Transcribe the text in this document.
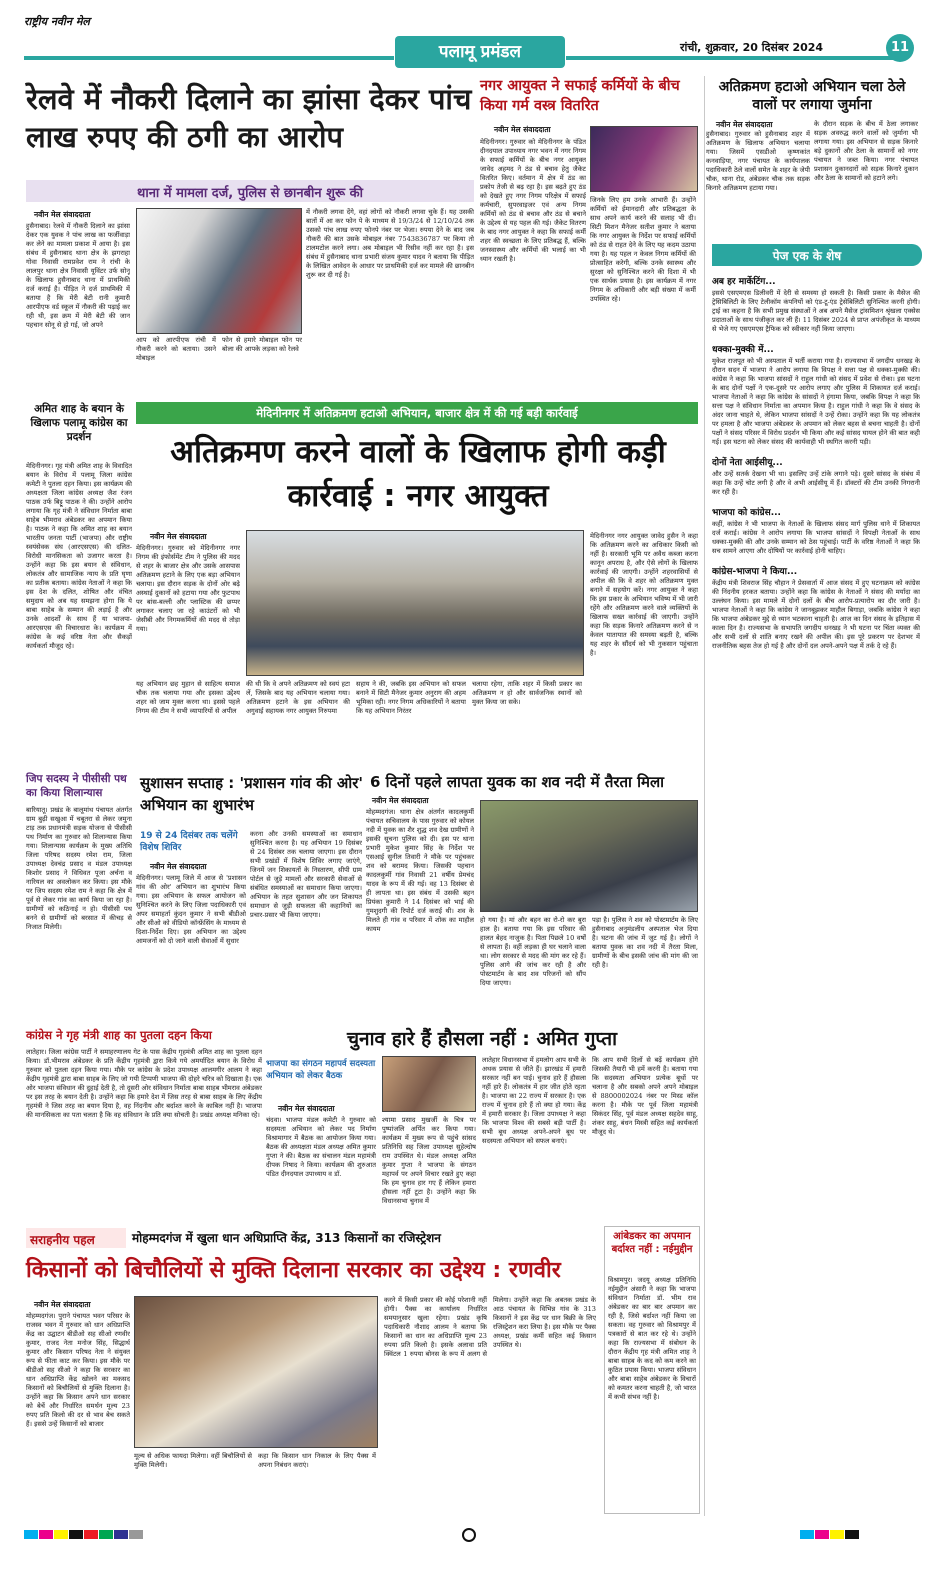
राष्ट्रीय नवीन मेल
पलामू प्रमंडल	रांची, शुक्रवार, 20 दिसंबर 2024	11
रेलवे में नौकरी दिलाने का झांसा देकर पांच लाख रुपए की ठगी का आरोप
थाना में मामला दर्ज, पुलिस से छानबीन शुरू की
नवीन मेल संवाददाता
हुसैनाबाद। रेलवे में नौकरी दिलाने का झांसा देकर एक युवक ने पांच लाख का फर्जीवाड़ा कर लेने का मामला प्रकाश में आया है। इस संबंध में हुसैनाबाद थाना क्षेत्र के झगराहा गोवा निवासी रामप्रवेश राम ने रांची के लालपुर थाना क्षेत्र निवासी यूविंटर उर्फ सोनू के खिलाफ हुसैनाबाद थाना में प्राथमिकी दर्ज कराई है। पीड़ित ने दर्ज प्राथमिकी में बताया है कि मेरी बेटी रानी कुमारी आरपीएफ वर्ड स्कूल में नौकरी की पढ़ाई कर रही थी, इस क्रम में मेरी बेटी की जान पहचान सोनू से हो गई, जो अपने
आप को आरपीएफ रांची में नौकरी करने को बताया। उसने मोबाइल
फोन से हमारे मोबाइल फोन पर बोला की आपके लड़का को रेलवे
में नौकरी लगवा देंगे, वहां लोगों को नौकरी लगवा चुके हैं। यह उसकी बातों में आ कर फोन पे के माध्यम से 19/3/24 से 12/10/24 तक उसको पांच लाख रुपए फोनपे नंबर पर भेजा। रुपया देने के बाद जब नौकरी की बात उसके मोबाइल नंबर 7543836787 पर किया तो टालमटोल करने लगा। अब मोबाइल भी रिसीव नहीं कर रहा है। इस संबंध में हुसैनाबाद थाना प्रभारी संजय कुमार यादव ने बताया कि पीड़ित के लिखित आवेदन के आधार पर प्राथमिकी दर्ज कर मामले की छानबीन शुरू कर दी गई है।
नगर आयुक्त ने सफाई कर्मियों के बीच किया गर्म वस्त्र वितरित
नवीन मेल संवाददाता
मेदिनीनगर। गुरुवार को मेदिनीनगर के पंडित दीनदयाल उपाध्याय नगर भवन में नगर निगम के सफाई कर्मियों के बीच नगर आयुक्त जावेद अहमद ने ठंड से बचाव हेतु जैकेट वितरित किए। वर्तमान में क्षेत्र में ठंड का प्रकोप तेजी से बढ़ रहा है। इस बढ़ते हुए ठंड को देखते हुए नगर निगम परिक्षेत्र में सफाई कर्मचारी, सुपरवाइजर एवं अन्य निगम कर्मियों को ठंड से बचाव और ठंड से बचाने के उद्देश्य से यह पहल की गई। जैकेट वितरण के बाद नगर आयुक्त ने कहा कि सफाई कर्मी शहर की स्वच्छता के लिए प्रतिबद्ध हैं, बल्कि जनस्वास्थ्य और कर्मियों की भलाई का भी ध्यान रखती है।
जिनके लिए हम उनके आभारी हैं। उन्होंने कर्मियों को ईमानदारी और प्रतिबद्धता के साथ अपने कार्य करने की सलाह भी दी। सिटी मिशन मैनेजर सतीश कुमार ने बताया कि नगर आयुक्त के निर्देश पर सफाई कर्मियों को ठंड से राहत देने के लिए यह कदम उठाया गया है। यह पहल न केवल निगम कर्मियों की प्रोत्साहित करेगी, बल्कि उनके स्वास्थ्य और सुरक्षा को सुनिश्चित करने की दिशा में भी एक सार्थक प्रयास है। इस कार्यक्रम में नगर निगम के अधिकारी और बड़ी संख्या में कर्मी उपस्थित रहे।
अतिक्रमण हटाओ अभियान चला ठेले वालों पर लगाया जुर्माना
नवीन मेल संवाददाता
हुसैनाबाद। गुरुवार को हुसैनाबाद शहर में अतिक्रमण के खिलाफ अभियान चलाया गया। जिसमें एसडीओ कृष्णकांत कनवाड़िया, नगर पंचायत के कार्यपालक पदाधिकारी ठेले वालों समेत के शहर के जेपी चौक, थाना रोड, अंबेडकर चौक तक सड़क किनारे अतिक्रमण हटाया गया।
के दौरान सड़क के बीच में ठेला लगाकर सड़क अवरुद्ध करने वालों को जुर्माना भी लगाया गया। इस अभियान से सड़क किनारे बड़े दुकानों और ठेला के सामानों को नगर पंचायत ने जब्त किया। नगर पंचायत प्रशासन दुकानदारों को सड़क किनारे दुकान और ठेला के सामानों को हटाने लगे।
पेज एक के शेष
अब हर मार्केटिंग...
इससे एसएमएस डिलीवरी में देरी से समस्या हो सकती है। किसी प्रकार के मैसेज की ट्रेसिबिलिटी के लिए टेलीकॉम कंपनियों को एंड-टू-एंड ट्रेसेबिलिटी सुनिश्चित करनी होगी। ट्राई का कहना है कि सभी प्रमुख संस्थाओं ने अब अपने मैसेज ट्रांसमिशन श्रृंखला एक्सेस प्रदाताओं के साथ पंजीकृत कर ली हैं। 11 दिसंबर 2024 से प्राप्त अपंजीकृत के माध्यम से भेजे गए एसएमएस ट्रैफिक को स्वीकार नहीं किया जाएगा।
धक्का-मुक्की में...
मुकेश राजपूत को भी अस्पताल में भर्ती कराया गया है। राज्यसभा में जगदीप धनखड़ के दौरान सदन में भाजपा ने आरोप लगाया कि विपक्ष ने सत्ता पक्ष से धक्का-मुक्की की। कांग्रेस ने कहा कि भाजपा सांसदों ने राहुल गांधी को संसद में प्रवेश से रोका। इस घटना के बाद दोनों पक्षों ने एक-दूसरे पर आरोप लगाए और पुलिस में शिकायत दर्ज कराई। भाजपा नेताओं ने कहा कि कांग्रेस के सांसदों ने हंगामा किया, जबकि विपक्ष ने कहा कि सत्ता पक्ष ने संविधान निर्माता का अपमान किया है। राहुल गांधी ने कहा कि वे संसद के अंदर जाना चाहते थे, लेकिन भाजपा सांसदों ने उन्हें रोका। उन्होंने कहा कि यह लोकतंत्र पर हमला है और भाजपा अंबेडकर के अपमान को लेकर बहस से बचना चाहती है। दोनों पक्षों ने संसद परिसर में विरोध प्रदर्शन भी किया और कई सांसद घायल होने की बात कही गई। इस घटना को लेकर संसद की कार्यवाही भी स्थगित करनी पड़ी।
दोनों नेता आईसीयू...
और उन्हें सतर्क देखना भी था। इसलिए उन्हें टांके लगाने पड़े। दूसरे सांसद के संबंध में कहा कि उन्हें चोट लगी है और वे अभी आईसीयू में हैं। डॉक्टरों की टीम उनकी निगरानी कर रही है।
भाजपा को कांग्रेस...
कहीं, कांग्रेस ने भी भाजपा के नेताओं के खिलाफ संसद मार्ग पुलिस थाने में शिकायत दर्ज कराई। कांग्रेस ने आरोप लगाया कि भाजपा सांसदों ने विपक्षी नेताओं के साथ धक्का-मुक्की की और उनके सम्मान को ठेस पहुंचाई। पार्टी के वरिष्ठ नेताओं ने कहा कि सच सामने आएगा और दोषियों पर कार्रवाई होनी चाहिए।
कांग्रेस-भाजपा ने किया...
केंद्रीय मंत्री शिवराज सिंह चौहान ने प्रेसवार्ता में आज संसद में हुए घटनाक्रम को कांग्रेस की निंदनीय हरकत बताया। उन्होंने कहा कि कांग्रेस के नेताओं ने संसद की मर्यादा का उल्लंघन किया। इस मामले में दोनों दलों के बीच आरोप-प्रत्यारोप का दौर जारी है। भाजपा नेताओं ने कहा कि कांग्रेस ने जानबूझकर माहौल बिगाड़ा, जबकि कांग्रेस ने कहा कि भाजपा अंबेडकर मुद्दे से ध्यान भटकाना चाहती है। आज का दिन संसद के इतिहास में काला दिन है। राज्यसभा के सभापति जगदीप धनखड़ ने भी घटना पर चिंता व्यक्त की और सभी दलों से शांति बनाए रखने की अपील की। इस पूरे प्रकरण पर देशभर में राजनीतिक बहस तेज हो गई है और दोनों दल अपने-अपने पक्ष में तर्क दे रहे हैं।
अमित शाह के बयान के खिलाफ पलामू कांग्रेस का प्रदर्शन
मेदिनीनगर। गृह मंत्री अमित शाह के विवादित बयान के विरोध में पलामू जिला कांग्रेस कमेटी ने पुतला दहन किया। इस कार्यक्रम की अध्यक्षता जिला कांग्रेस अध्यक्ष जैश रंजन पाठक उर्फ बिट्टू पाठक ने की। उन्होंने आरोप लगाया कि गृह मंत्री ने संविधान निर्माता बाबा साहेब भीमराव अंबेडकर का अपमान किया है। पाठक ने कहा कि अमित शाह का बयान भारतीय जनता पार्टी (भाजपा) और राष्ट्रीय स्वयंसेवक संघ (आरएसएस) की दलित-विरोधी मानसिकता को उजागर करता है। उन्होंने कहा कि इस बयान से संविधान, लोकतंत्र और सामाजिक न्याय के प्रति घृणा का प्रतीक बताया। कांग्रेस नेताओं ने कहा कि इस देश के दलित, शोषित और वंचित समुदाय को अब यह समझना होगा कि ये बाबा साहेब के सम्मान की लड़ाई है और उनके आदर्शों के साथ हैं या भाजपा-आरएसएस की विचारधारा के। कार्यक्रम में कांग्रेस के कई वरिष्ठ नेता और सैकड़ों कार्यकर्ता मौजूद रहे।
मेदिनीनगर में अतिक्रमण हटाओ अभियान, बाजार क्षेत्र में की गई बड़ी कार्रवाई
अतिक्रमण करने वालों के खिलाफ होगी कड़ी कार्रवाई : नगर आयुक्त
नवीन मेल संवाददाता
मेदिनीनगर। गुरुवार को मेदिनीनगर नगर निगम की इंफोर्समेंट टीम ने पुलिस की मदद से शहर के बाजार क्षेत्र और उसके आसपास अतिक्रमण हटाने के लिए एक बड़ा अभियान चलाया। इस दौरान सड़क के दोनों ओर बढ़े अस्थाई दुकानों को हटाया गया और फुटपाथ पर बांस-बल्ली और प्लास्टिक की छप्पर लगाकर चलाए जा रहे काउंटरों को भी जेसीबी और निगमकर्मियों की मदद से तोड़ा गया।
यह अभियान छह मुहान से साहित्य समाज चौक तक चलाया गया और इसका उद्देश्य शहर को जाम मुक्त करना था। इससे पहले निगम की टीम ने सभी व्यापारियों से अपील
की थी कि वे अपने अतिक्रमण को स्वयं हटा लें, जिसके बाद यह अभियान चलाया गया। अतिक्रमण हटाने के इस अभियान की अगुवाई सहायक नगर आयुक्त निरुपमा
सहाय ने की, जबकि इस अभियान को सफल बनाने में सिटी मैनेजर कुमार अनुराग की अहम भूमिका रही। नगर निगम अधिकारियों ने बताया कि यह अभियान निरंतर
चलाया रहेगा, ताकि शहर में किसी प्रकार का अतिक्रमण न हो और सार्वजनिक स्थानों को मुक्त किया जा सके।
मेदिनीनगर नगर आयुक्त जावेद हुसैन ने कहा कि अतिक्रमण करने का अधिकार किसी को नहीं है। सरकारी भूमि पर अवैध कब्जा करना कानून अपराध है, और ऐसे लोगों के खिलाफ कार्रवाई की जाएगी। उन्होंने शहरवासियों से अपील की कि वे शहर को अतिक्रमण मुक्त बनाने में सहयोग करें। नगर आयुक्त ने कहा कि इस प्रकार के अभियान भविष्य में भी जारी रहेंगे और अतिक्रमण करने वाले व्यक्तियों के खिलाफ सख्त कार्रवाई की जाएगी। उन्होंने कहा कि सड़क किनारे अतिक्रमण करने से न केवल यातायात की समस्या बढ़ती है, बल्कि यह शहर के सौंदर्य को भी नुकसान पहुंचाता है।
जिप सदस्य ने पीसीसी पथ का किया शिलान्यास
बारियातू। प्रखंड के बालूमांथ पंचायत अंतर्गत ग्राम बुढ़ी सखुआ में चबूतरा से लेकर जमुना टाड़ तक प्रधानमंत्री सड़क योजना से पीसीसी पथ निर्माण का गुरुवार को शिलान्यास किया गया। शिलान्यास कार्यक्रम के मुख्य अतिथि जिला परिषद सदस्य रमेश राम, जिला उपाध्यक्ष देवचंद्र प्रसाद व मंडल उपाध्यक्ष किशोर प्रसाद ने विधिवत पूजा अर्चना व नारियल का अवलोकन कर किया। इस मौके पर जिप सदस्य रमेश राम ने कहा कि क्षेत्र में पूर्व से लेकर गांव का कार्य किया जा रहा है। ग्रामीणों को कठिनाई न हो। पीसीसी पथ बनने से ग्रामीणों को बरसात में कीचड़ से निजात मिलेगी।
सुशासन सप्ताह : 'प्रशासन गांव की ओर' अभियान का शुभारंभ
19 से 24 दिसंबर तक चलेंगे विशेष शिविर
नवीन मेल संवाददाता
मेदिनीनगर। पलामू जिले में आज से 'प्रशासन गांव की ओर' अभियान का शुभारंभ किया गया। इस अभियान के सफल आयोजन को सुनिश्चित करने के लिए जिला पदाधिकारी एवं अपर समाहर्ता कुंदन कुमार ने सभी बीडीओ और सीओ को वीडियो कॉन्फ्रेंसिंग के माध्यम से दिशा-निर्देश दिए। इस अभियान का उद्देश्य आमजनों को दो जाने वाली सेवाओं में सुधार
करना और उनकी समस्याओं का समाधान सुनिश्चित करना है। यह अभियान 19 दिसंबर से 24 दिसंबर तक चलाया जाएगा। इस दौरान सभी प्रखंडों में विशेष शिविर लगाए जाएंगे, जिनमें जन शिकायतों के निस्तारण, सीपी ग्राम पोर्टल से जुड़े मामलों और सरकारी सेवाओं से संबंधित समस्याओं का समाधान किया जाएगा। अभियान के तहत सुशासन और जन शिकायत समाधान से जुड़ी सफलता की कहानियों का प्रचार-प्रसार भी किया जाएगा।
6 दिनों पहले लापता युवक का शव नदी में तैरता मिला
नवीन मेल संवाददाता
मोहम्मदगंज। थाना क्षेत्र अंतर्गत कादलकुर्मी पंचायत सचिवालय के पास गुरुवार को कोयल नदी में युवक का शैर शुद्ध शव देख ग्रामीणों ने इसकी सूचना पुलिस को दी। इस पर थाना प्रभारी मुकेश कुमार सिंह के निर्देश पर एसआई सुनील तिवारी ने मौके पर पहुंचकर शव को बरामद किया। जिसकी पहचान कादलकुर्मी गांव निवासी 21 वर्षीय प्रेमचंद यादव के रूप में की गई। वह 13 दिसंबर से ही लापता था। इस संबंध में उसकी बहन प्रियंका कुमारी ने 14 दिसंबर को भाई की गुमशुदगी की रिपोर्ट दर्ज कराई थी। शव के मिलते ही गांव व परिवार में शोक का माहौल कायम
हो गया है। मां और बहन का रो-रो कर बुरा हाल है। बताया गया कि इस परिवार की हालत बेहद नाजुक है। पिता पिछले 10 वर्षों से लापता हैं। वहीं लड़का ही घर चलाने वाला था। लोग सरकार से मदद की मांग कर रहे हैं। पुलिस आगे की जांच कर रही है और पोस्टमार्टम के बाद शव परिजनों को सौंप दिया जाएगा।
पड़ा है। पुलिस ने शव को पोस्टमार्टम के लिए हुसैनाबाद अनुमंडलीय अस्पताल भेज दिया है। घटना की जांच में जुट गई है। लोगों ने बताया युवक का शव नदी में तैरता मिला, ग्रामीणों के बीच इसकी जांच की मांग की जा रही है।
कांग्रेस ने गृह मंत्री शाह का पुतला दहन किया
लातेहार। जिला कांग्रेस पार्टी ने समाहरणालय गेट के पास केंद्रीय गृहमंत्री अमित शाह का पुतला दहन किया। डॉ.भीमराव अंबेडकर के प्रति केंद्रीय गृहमंत्री द्वारा किये गये अमर्यादित बयान के विरोध में गुरुवार को पुतला दहन किया गया। मौके पर कांग्रेस के प्रदेश उपाध्यक्ष आलमगीर आलम ने कहा केंद्रीय गृहमंत्री द्वारा बाबा साहब के लिए जो गयी टिप्पणी भाजपा की दोहरे चरित्र को दिखाता है। एक ओर भाजपा संविधान की दुहाई देती है, तो दूसरी ओर संविधान निर्माता बाबा साहब भीमराव अंबेडकर पर इस तरह के बयान देती है। उन्होंने कहा कि हमारे देश में जिस तरह से बाबा साहब के लिए केंद्रीय गृहमंत्री ने जिस तरह का बयान दिया है, वह निंदनीय और बर्दाश्त करने के काबिल नहीं है। भाजपा की मानसिकता का पता चलता है कि वह संविधान के प्रति क्या सोचती है। प्रखंड अध्यक्ष मनिका रहे।
चुनाव हारे हैं हौसला नहीं : अमित गुप्ता
भाजपा का संगठन महापर्व सदस्यता अभियान को लेकर बैठक
नवीन मेल संवाददाता
चंदवा। भाजपा मंडल कमेटी ने गुरुवार को सदस्यता अभियान को लेकर पद निर्माण विश्रामागार में बैठक का आयोजन किया गया। बैठक की अध्यक्षता मंडल अध्यक्ष अमित कुमार गुप्ता ने की। बैठक का संचालन मंडल महामंत्री दीपक निषाद ने किया। कार्यक्रम की शुरुआत पंडित दीनदयाल उपाध्याय व डॉ.
श्यामा प्रसाद मुखर्जी के चित्र पर पुष्पांजलि अर्पित कर किया गया। कार्यक्रम में मुख्य रूप से पहुंचे सांसद प्रतिनिधि सह जिला उपाध्यक्ष सुहेल्दोष राम उपस्थित थे। मंडल अध्यक्ष अमित कुमार गुप्ता ने भाजपा के संगठन महापर्व पर अपने विचार रखते हुए कहा कि हम चुनाव हार गए हैं लेकिन हमारा हौसला नहीं टूटा है। उन्होंने कहा कि विधानसभा चुनाव में
लातेहार विधानसभा में हमलोग आप सभी के अथक प्रयास से जीते हैं। झारखंड में हमारी सरकार नहीं बन पाई। चुनाव हारे हैं हौसला नहीं हारे हैं। लोकतंत्र में हार जीत होते रहता है। भाजपा का 22 राज्य में सरकार है। एक राज्य में चुनाव हारे हैं तो क्या हो गया। केंद्र में हमारी सरकार है। जिला उपाध्यक्ष ने कहा कि भाजपा विश्व की सबसे बड़ी पार्टी है। सभी बूथ अध्यक्ष अपने-अपने बूथ पर सदस्यता अभियान को सफल बनाएं।
कि आप सभी दिलों से बढ़ें कार्यक्रम होंगे जिसकी तैयारी भी हमें करनी है। बताया गया कि सदस्यता अभियान प्रत्येक बूथों पर चलाना है और सबको अपने अपने मोबाइल से 8800002024 नंबर पर मिस्ड कॉल करना है। मौके पर पूर्व जिला महामंत्री सिकंदर सिंह, पूर्व मंडल अध्यक्ष सहदेव साहू, शंकर साहू, बंधन मिस्त्री सहित कई कार्यकर्ता मौजूद थे।
सराहनीय पहल	मोहम्मदगंज में खुला धान अधिप्राप्ति केंद्र, 313 किसानों का रजिस्ट्रेशन
किसानों को बिचौलियों से मुक्ति दिलाना सरकार का उद्देश्य : रणवीर
नवीन मेल संवाददाता
मोहम्मदगंज। पुराने पंचायत भवन परिसर के राजस्व भवन में गुरुवार को धान अधिप्राप्ति केंद्र का उद्घाटन बीडीओ सह सीओ रणवीर कुमार, राजद नेता मनोज सिंह, सिद्धार्थ कुमार और किसान परिषद नेता ने संयुक्त रूप से फीता काट कर किया। इस मौके पर बीडीओ सह सीओ ने कहा कि सरकार का धान अधिप्राप्ति केंद्र खोलने का मकसद किसानों को बिचौलियों से मुक्ति दिलाना है। उन्होंने कहा कि किसान अपने धान सरकार को बेचें और निर्धारित समर्थन मूल्य 23 रुपए प्रति किलो की दर से भाव बेच सकते हैं। इससे उन्हें किसानों को बाजार
मूल्य से अधिक फायदा मिलेगा। वहीं बिचौलियों से मुक्ति मिलेगी।
कहा कि किसान धान निकाल के लिए पैक्स में अपना निबंधन कराएं।
करने में किसी प्रकार की कोई परेशानी नहीं होगी। पैक्स का कार्यालय निर्धारित समयानुसार खुला रहेगा। प्रखंड कृषि पदाधिकारी नौशाद आलम ने बताया कि किसानों का धान का अधिप्राप्ति मूल्य 23 रुपया प्रति किलो है। इसके अलावा प्रति क्विंटल 1 रुपया बोनस के रूप में अलग से मिलेगा। उन्होंने कहा कि अबतक प्रखंड के आठ पंचायत के विभिन्न गांव के 313 किसानों ने इस केंद्र पर धान बिक्री के लिए रजिस्ट्रेशन करा लिया है। इस मौके पर पैक्स अध्यक्ष, प्रखंड कर्मी सहित कई किसान उपस्थित थे।
आंबेडकर का अपमान बर्दाश्त नहीं : नईमुद्दीन
विश्रामपुर। जदयू अध्यक्ष प्रतिनिधि नईमुद्दीन अंसारी ने कहा कि भाजपा संविधान निर्माता डॉ. भीम राव अंबेडकर का बार बार अपमान कर रही है, जिसे बर्दाश्त नहीं किया जा सकता। वह गुरुवार को विश्रामपुर में पत्रकारों से बात कर रहे थे। उन्होंने कहा कि राज्यसभा में संबोधन के दौरान केंद्रीय गृह मंत्री अमित शाह ने बाबा साहब के कद को कम करने का कुठित प्रयास किया। भाजपा संविधान और बाबा साहेब अंबेडकर के विचारों को कमतर करना चाहती है, जो भारत में कभी संभव नहीं है।
